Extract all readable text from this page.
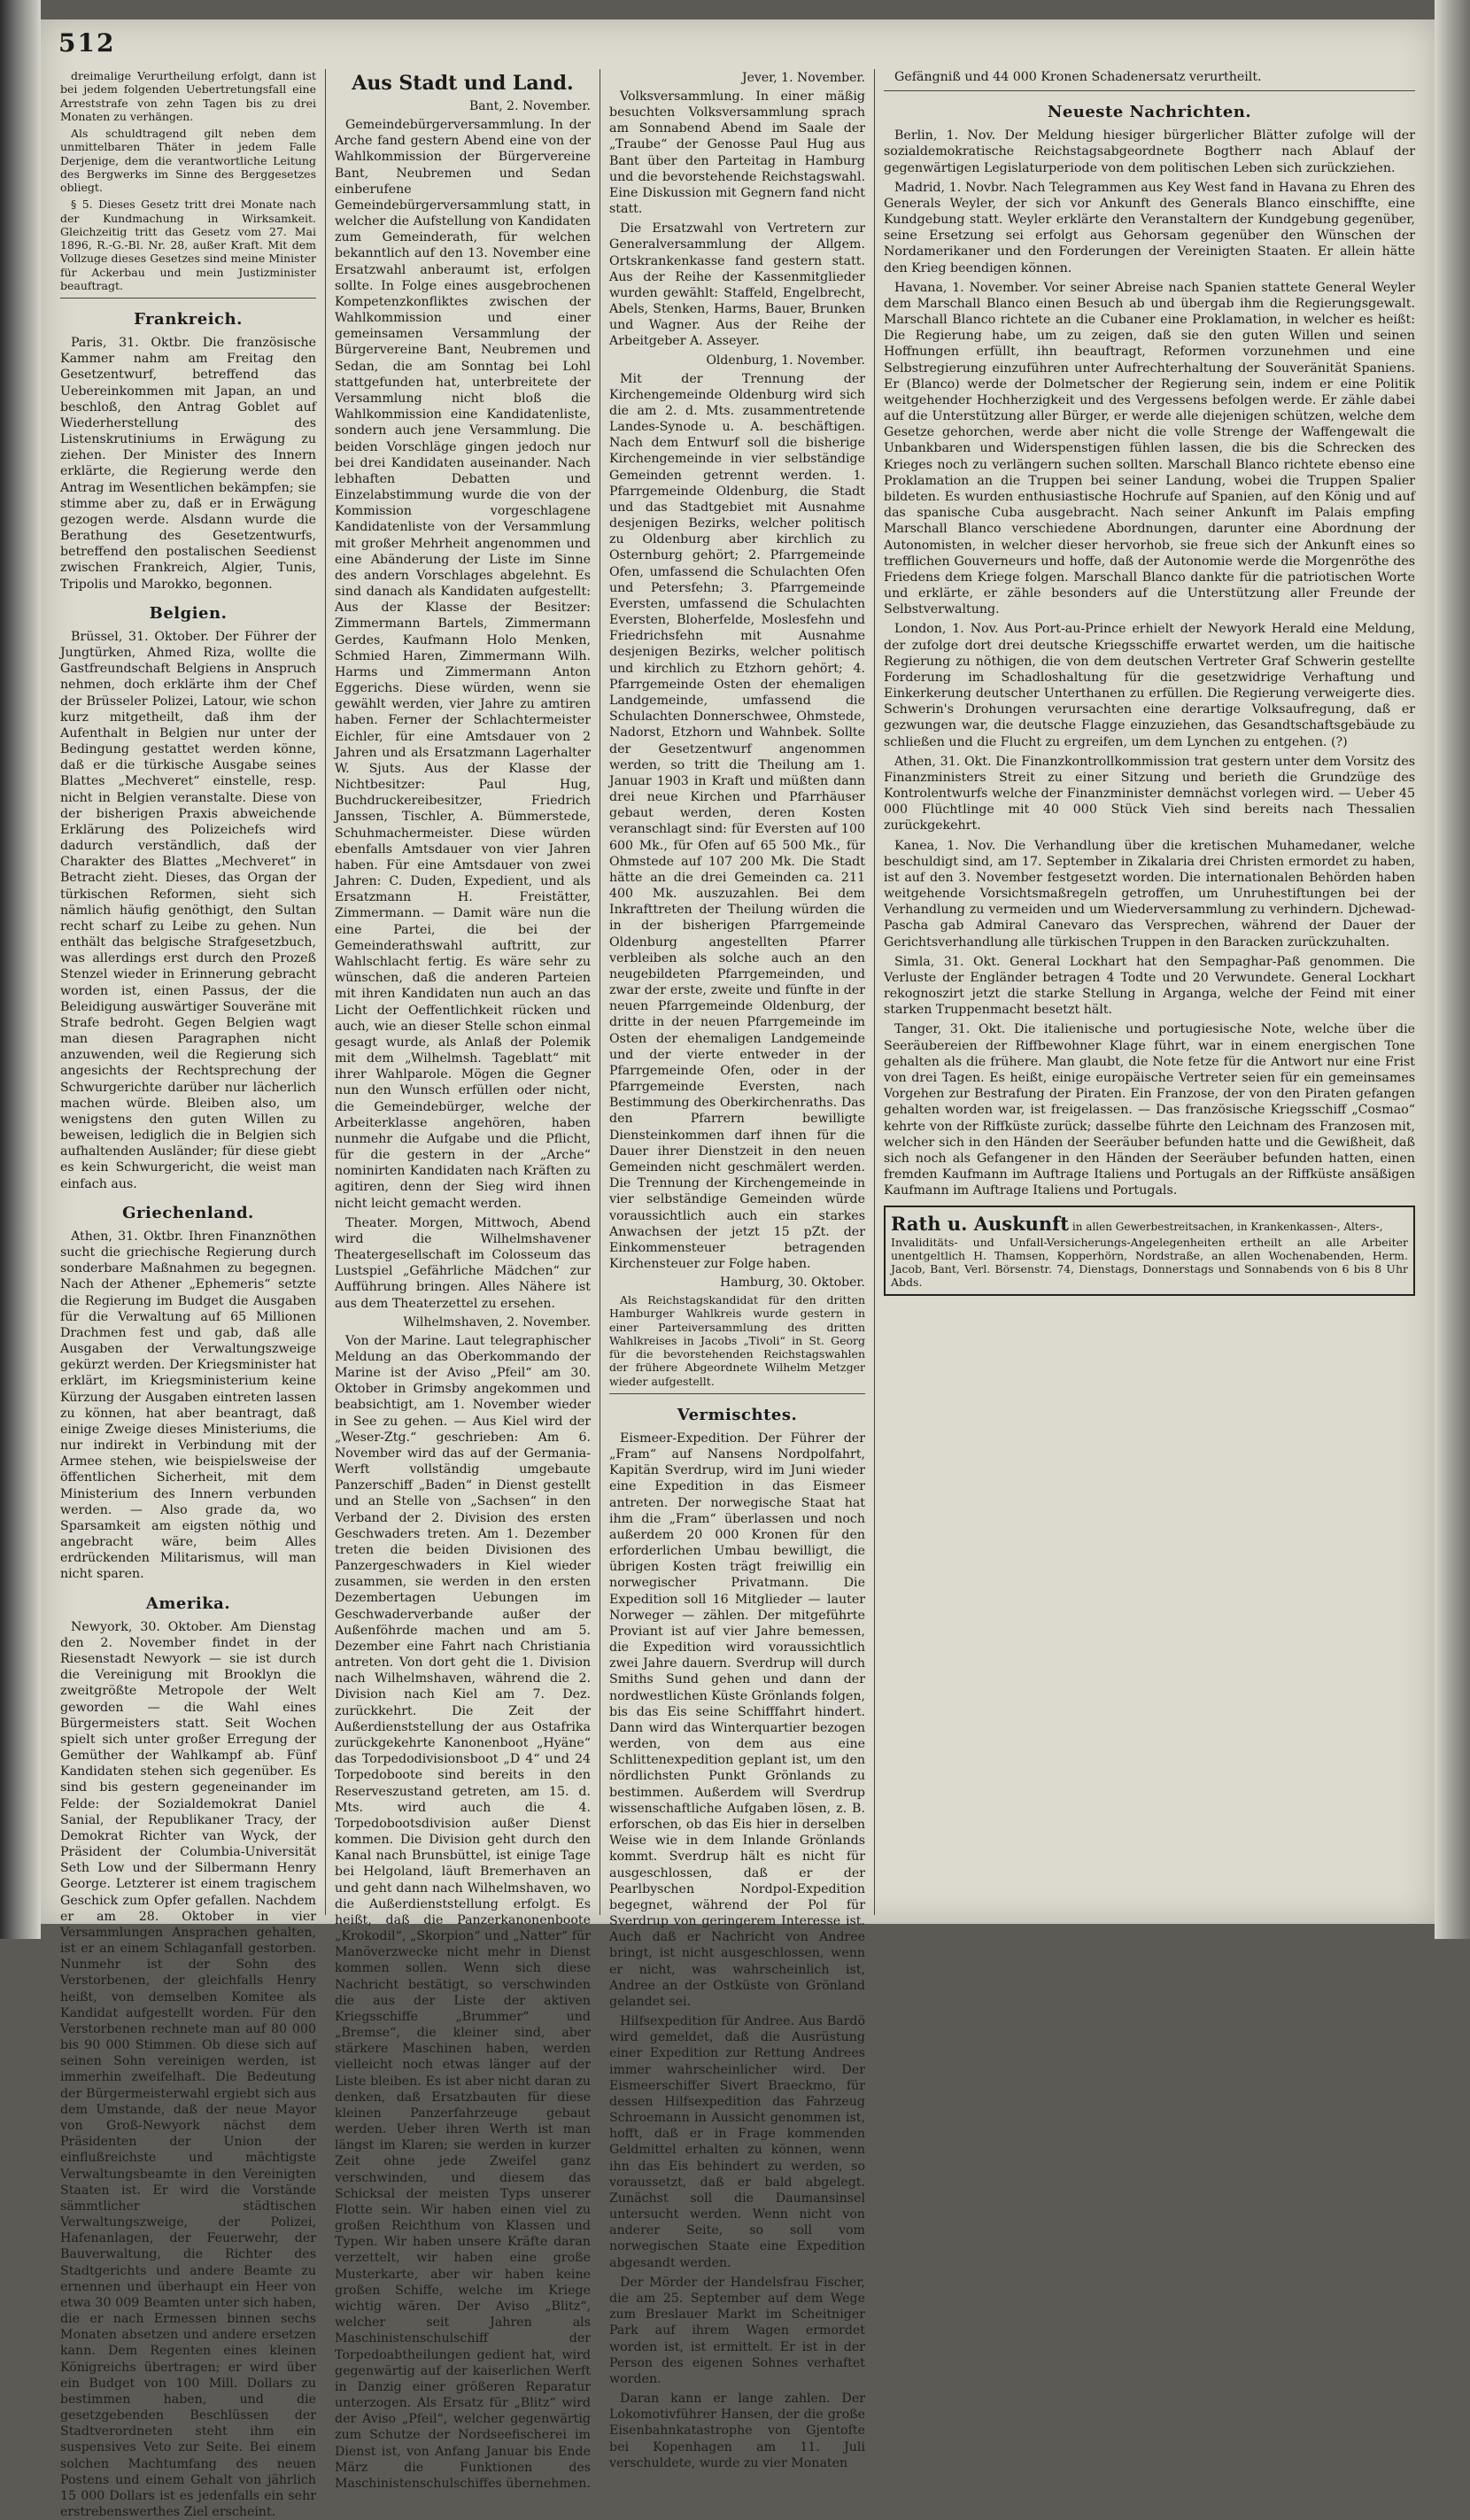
512

dreimalige Verurtheilung erfolgt, dann ist bei jedem folgenden Uebertretungsfall eine Arreststrafe von zehn Tagen bis zu drei Monaten zu verhängen.

Als schuldtragend gilt neben dem unmittelbaren Thäter in jedem Falle Derjenige, dem die verantwortliche Leitung des Bergwerks im Sinne des Berggesetzes obliegt.

§ 5. Dieses Gesetz tritt drei Monate nach der Kundmachung in Wirksamkeit. Gleichzeitig tritt das Gesetz vom 27. Mai 1896, R.-G.-Bl. Nr. 28, außer Kraft. Mit dem Vollzuge dieses Gesetzes sind meine Minister für Ackerbau und mein Justizminister beauftragt.

Frankreich.

Paris, 31. Oktbr. Die französische Kammer nahm am Freitag den Gesetzentwurf, betreffend das Uebereinkommen mit Japan, an und beschloß, den Antrag Goblet auf Wiederherstellung des Listenskrutiniums in Erwägung zu ziehen. Der Minister des Innern erklärte, die Regierung werde den Antrag im Wesentlichen bekämpfen; sie stimme aber zu, daß er in Erwägung gezogen werde. Alsdann wurde die Berathung des Gesetzentwurfs, betreffend den postalischen Seedienst zwischen Frankreich, Algier, Tunis, Tripolis und Marokko, begonnen.

Belgien.

Brüssel, 31. Oktober. Der Führer der Jungtürken, Ahmed Riza, wollte die Gastfreundschaft Belgiens in Anspruch nehmen, doch erklärte ihm der Chef der Brüsseler Polizei, Latour, wie schon kurz mitgetheilt, daß ihm der Aufenthalt in Belgien nur unter der Bedingung gestattet werden könne, daß er die türkische Ausgabe seines Blattes „Mechveret“ einstelle, resp. nicht in Belgien veranstalte. Diese von der bisherigen Praxis abweichende Erklärung des Polizeichefs wird dadurch verständlich, daß der Charakter des Blattes „Mechveret“ in Betracht zieht. Dieses, das Organ der türkischen Reformen, sieht sich nämlich häufig genöthigt, den Sultan recht scharf zu Leibe zu gehen. Nun enthält das belgische Strafgesetzbuch, was allerdings erst durch den Prozeß Stenzel wieder in Erinnerung gebracht worden ist, einen Passus, der die Beleidigung auswärtiger Souveräne mit Strafe bedroht. Gegen Belgien wagt man diesen Paragraphen nicht anzuwenden, weil die Regierung sich angesichts der Rechtsprechung der Schwurgerichte darüber nur lächerlich machen würde. Bleiben also, um wenigstens den guten Willen zu beweisen, lediglich die in Belgien sich aufhaltenden Ausländer; für diese giebt es kein Schwurgericht, die weist man einfach aus.

Griechenland.

Athen, 31. Oktbr. Ihren Finanznöthen sucht die griechische Regierung durch sonderbare Maßnahmen zu begegnen. Nach der Athener „Ephemeris“ setzte die Regierung im Budget die Ausgaben für die Verwaltung auf 65 Millionen Drachmen fest und gab, daß alle Ausgaben der Verwaltungszweige gekürzt werden. Der Kriegsminister hat erklärt, im Kriegsministerium keine Kürzung der Ausgaben eintreten lassen zu können, hat aber beantragt, daß einige Zweige dieses Ministeriums, die nur indirekt in Verbindung mit der Armee stehen, wie beispielsweise der öffentlichen Sicherheit, mit dem Ministerium des Innern verbunden werden. — Also grade da, wo Sparsamkeit am eigsten nöthig und angebracht wäre, beim Alles erdrückenden Militarismus, will man nicht sparen.

Amerika.

Newyork, 30. Oktober. Am Dienstag den 2. November findet in der Riesenstadt Newyork — sie ist durch die Vereinigung mit Brooklyn die zweitgrößte Metropole der Welt geworden — die Wahl eines Bürgermeisters statt. Seit Wochen spielt sich unter großer Erregung der Gemüther der Wahlkampf ab. Fünf Kandidaten stehen sich gegenüber. Es sind bis gestern gegeneinander im Felde: der Sozialdemokrat Daniel Sanial, der Republikaner Tracy, der Demokrat Richter van Wyck, der Präsident der Columbia-Universität Seth Low und der Silbermann Henry George. Letzterer ist einem tragischem Geschick zum Opfer gefallen. Nachdem er am 28. Oktober in vier Versammlungen Ansprachen gehalten, ist er an einem Schlaganfall gestorben. Nunmehr ist der Sohn des Verstorbenen, der gleichfalls Henry heißt, von demselben Komitee als Kandidat aufgestellt worden. Für den Verstorbenen rechnete man auf 80 000 bis 90 000 Stimmen. Ob diese sich auf seinen Sohn vereinigen werden, ist immerhin zweifelhaft. Die Bedeutung der Bürgermeisterwahl ergiebt sich aus dem Umstande, daß der neue Mayor von Groß-Newyork nächst dem Präsidenten der Union der einflußreichste und mächtigste Verwaltungsbeamte in den Vereinigten Staaten ist. Er wird die Vorstände sämmtlicher städtischen Verwaltungszweige, der Polizei, Hafenanlagen, der Feuerwehr, der Bauverwaltung, die Richter des Stadtgerichts und andere Beamte zu ernennen und überhaupt ein Heer von etwa 30 009 Beamten unter sich haben, die er nach Ermessen binnen sechs Monaten absetzen und andere ersetzen kann. Dem Regenten eines kleinen Königreichs übertragen; er wird über ein Budget von 100 Mill. Dollars zu bestimmen haben, und die gesetzgebenden Beschlüssen der Stadtverordneten steht ihm ein suspensives Veto zur Seite. Bei einem solchen Machtumfang des neuen Postens und einem Gehalt von jährlich 15 000 Dollars ist es jedenfalls ein sehr erstrebenswerthes Ziel erscheint.

Aus Stadt und Land.
Bant, 2. November.

Gemeindebürgerversammlung. In der Arche fand gestern Abend eine von der Wahlkommission der Bürgervereine Bant, Neubremen und Sedan einberufene Gemeindebürgerversammlung statt, in welcher die Aufstellung von Kandidaten zum Gemeinderath, für welchen bekanntlich auf den 13. November eine Ersatzwahl anberaumt ist, erfolgen sollte. In Folge eines ausgebrochenen Kompetenzkonfliktes zwischen der Wahlkommission und einer gemeinsamen Versammlung der Bürgervereine Bant, Neubremen und Sedan, die am Sonntag bei Lohl stattgefunden hat, unterbreitete der Versammlung nicht bloß die Wahlkommission eine Kandidatenliste, sondern auch jene Versammlung. Die beiden Vorschläge gingen jedoch nur bei drei Kandidaten auseinander. Nach lebhaften Debatten und Einzelabstimmung wurde die von der Kommission vorgeschlagene Kandidatenliste von der Versammlung mit großer Mehrheit angenommen und eine Abänderung der Liste im Sinne des andern Vorschlages abgelehnt. Es sind danach als Kandidaten aufgestellt: Aus der Klasse der Besitzer: Zimmermann Bartels, Zimmermann Gerdes, Kaufmann Holo Menken, Schmied Haren, Zimmermann Wilh. Harms und Zimmermann Anton Eggerichs. Diese würden, wenn sie gewählt werden, vier Jahre zu amtiren haben. Ferner der Schlachtermeister Eichler, für eine Amtsdauer von 2 Jahren und als Ersatzmann Lagerhalter W. Sjuts. Aus der Klasse der Nichtbesitzer: Paul Hug, Buchdruckereibesitzer, Friedrich Janssen, Tischler, A. Bümmerstede, Schuhmachermeister. Diese würden ebenfalls Amtsdauer von vier Jahren haben. Für eine Amtsdauer von zwei Jahren: C. Duden, Expedient, und als Ersatzmann H. Freistätter, Zimmermann. — Damit wäre nun die eine Partei, die bei der Gemeinderathswahl auftritt, zur Wahlschlacht fertig. Es wäre sehr zu wünschen, daß die anderen Parteien mit ihren Kandidaten nun auch an das Licht der Oeffentlichkeit rücken und auch, wie an dieser Stelle schon einmal gesagt wurde, als Anlaß der Polemik mit dem „Wilhelmsh. Tageblatt“ mit ihrer Wahlparole. Mögen die Gegner nun den Wunsch erfüllen oder nicht, die Gemeindebürger, welche der Arbeiterklasse angehören, haben nunmehr die Aufgabe und die Pflicht, für die gestern in der „Arche“ nominirten Kandidaten nach Kräften zu agitiren, denn der Sieg wird ihnen nicht leicht gemacht werden.

Theater. Morgen, Mittwoch, Abend wird die Wilhelmshavener Theatergesellschaft im Colosseum das Lustspiel „Gefährliche Mädchen“ zur Aufführung bringen. Alles Nähere ist aus dem Theaterzettel zu ersehen.

Wilhelmshaven, 2. November.

Von der Marine. Laut telegraphischer Meldung an das Oberkommando der Marine ist der Aviso „Pfeil“ am 30. Oktober in Grimsby angekommen und beabsichtigt, am 1. November wieder in See zu gehen. — Aus Kiel wird der „Weser-Ztg.“ geschrieben: Am 6. November wird das auf der Germania-Werft vollständig umgebaute Panzerschiff „Baden“ in Dienst gestellt und an Stelle von „Sachsen“ in den Verband der 2. Division des ersten Geschwaders treten. Am 1. Dezember treten die beiden Divisionen des Panzergeschwaders in Kiel wieder zusammen, sie werden in den ersten Dezembertagen Uebungen im Geschwaderverbande außer der Außenföhrde machen und am 5. Dezember eine Fahrt nach Christiania antreten. Von dort geht die 1. Division nach Wilhelmshaven, während die 2. Division nach Kiel am 7. Dez. zurückkehrt. Die Zeit der Außerdienststellung der aus Ostafrika zurückgekehrte Kanonenboot „Hyäne“ das Torpedodivisionsboot „D 4“ und 24 Torpedoboote sind bereits in den Reserveszustand getreten, am 15. d. Mts. wird auch die 4. Torpedobootsdivision außer Dienst kommen. Die Division geht durch den Kanal nach Brunsbüttel, ist einige Tage bei Helgoland, läuft Bremerhaven an und geht dann nach Wilhelmshaven, wo die Außerdienststellung erfolgt. Es heißt, daß die Panzerkanonenboote „Krokodil“, „Skorpion“ und „Natter“ für Manöverzwecke nicht mehr in Dienst kommen sollen. Wenn sich diese Nachricht bestätigt, so verschwinden die aus der Liste der aktiven Kriegsschiffe „Brummer“ und „Bremse“, die kleiner sind, aber stärkere Maschinen haben, werden vielleicht noch etwas länger auf der Liste bleiben. Es ist aber nicht daran zu denken, daß Ersatzbauten für diese kleinen Panzerfahrzeuge gebaut werden. Ueber ihren Werth ist man längst im Klaren; sie werden in kurzer Zeit ohne jede Zweifel ganz verschwinden, und diesem das Schicksal der meisten Typs unserer Flotte sein. Wir haben einen viel zu großen Reichthum von Klassen und Typen. Wir haben unsere Kräfte daran verzettelt, wir haben eine große Musterkarte, aber wir haben keine großen Schiffe, welche im Kriege wichtig wären. Der Aviso „Blitz“, welcher seit Jahren als Maschinistenschulschiff der Torpedoabtheilungen gedient hat, wird gegenwärtig auf der kaiserlichen Werft in Danzig einer größeren Reparatur unterzogen. Als Ersatz für „Blitz“ wird der Aviso „Pfeil“, welcher gegenwärtig zum Schutze der Nordseefischerei im Dienst ist, von Anfang Januar bis Ende März die Funktionen des Maschinistenschulschiffes übernehmen.

Jever, 1. November.

Volksversammlung. In einer mäßig besuchten Volksversammlung sprach am Sonnabend Abend im Saale der „Traube“ der Genosse Paul Hug aus Bant über den Parteitag in Hamburg und die bevorstehende Reichstagswahl. Eine Diskussion mit Gegnern fand nicht statt.

Die Ersatzwahl von Vertretern zur Generalversammlung der Allgem. Ortskrankenkasse fand gestern statt. Aus der Reihe der Kassenmitglieder wurden gewählt: Staffeld, Engelbrecht, Abels, Stenken, Harms, Bauer, Brunken und Wagner. Aus der Reihe der Arbeitgeber A. Asseyer.

Oldenburg, 1. November.

Mit der Trennung der Kirchengemeinde Oldenburg wird sich die am 2. d. Mts. zusammentretende Landes-Synode u. A. beschäftigen. Nach dem Entwurf soll die bisherige Kirchengemeinde in vier selbständige Gemeinden getrennt werden. 1. Pfarrgemeinde Oldenburg, die Stadt und das Stadtgebiet mit Ausnahme desjenigen Bezirks, welcher politisch zu Oldenburg aber kirchlich zu Osternburg gehört; 2. Pfarrgemeinde Ofen, umfassend die Schulachten Ofen und Petersfehn; 3. Pfarrgemeinde Eversten, umfassend die Schulachten Eversten, Bloherfelde, Moslesfehn und Friedrichsfehn mit Ausnahme desjenigen Bezirks, welcher politisch und kirchlich zu Etzhorn gehört; 4. Pfarrgemeinde Osten der ehemaligen Landgemeinde, umfassend die Schulachten Donnerschwee, Ohmstede, Nadorst, Etzhorn und Wahnbek. Sollte der Gesetzentwurf angenommen werden, so tritt die Theilung am 1. Januar 1903 in Kraft und müßten dann drei neue Kirchen und Pfarrhäuser gebaut werden, deren Kosten veranschlagt sind: für Eversten auf 100 600 Mk., für Ofen auf 65 500 Mk., für Ohmstede auf 107 200 Mk. Die Stadt hätte an die drei Gemeinden ca. 211 400 Mk. auszuzahlen. Bei dem Inkrafttreten der Theilung würden die in der bisherigen Pfarrgemeinde Oldenburg angestellten Pfarrer verbleiben als solche auch an den neugebildeten Pfarrgemeinden, und zwar der erste, zweite und fünfte in der neuen Pfarrgemeinde Oldenburg, der dritte in der neuen Pfarrgemeinde im Osten der ehemaligen Landgemeinde und der vierte entweder in der Pfarrgemeinde Ofen, oder in der Pfarrgemeinde Eversten, nach Bestimmung des Oberkirchenraths. Das den Pfarrern bewilligte Diensteinkommen darf ihnen für die Dauer ihrer Dienstzeit in den neuen Gemeinden nicht geschmälert werden. Die Trennung der Kirchengemeinde in vier selbständige Gemeinden würde voraussichtlich auch ein starkes Anwachsen der jetzt 15 pZt. der Einkommensteuer betragenden Kirchensteuer zur Folge haben.

Hamburg, 30. Oktober.

Als Reichstagskandidat für den dritten Hamburger Wahlkreis wurde gestern in einer Parteiversammlung des dritten Wahlkreises in Jacobs „Tivoli“ in St. Georg für die bevorstehenden Reichstagswahlen der frühere Abgeordnete Wilhelm Metzger wieder aufgestellt.

Vermischtes.

Eismeer-Expedition. Der Führer der „Fram“ auf Nansens Nordpolfahrt, Kapitän Sverdrup, wird im Juni wieder eine Expedition in das Eismeer antreten. Der norwegische Staat hat ihm die „Fram“ überlassen und noch außerdem 20 000 Kronen für den erforderlichen Umbau bewilligt, die übrigen Kosten trägt freiwillig ein norwegischer Privatmann. Die Expedition soll 16 Mitglieder — lauter Norweger — zählen. Der mitgeführte Proviant ist auf vier Jahre bemessen, die Expedition wird voraussichtlich zwei Jahre dauern. Sverdrup will durch Smiths Sund gehen und dann der nordwestlichen Küste Grönlands folgen, bis das Eis seine Schifffahrt hindert. Dann wird das Winterquartier bezogen werden, von dem aus eine Schlittenexpedition geplant ist, um den nördlichsten Punkt Grönlands zu bestimmen. Außerdem will Sverdrup wissenschaftliche Aufgaben lösen, z. B. erforschen, ob das Eis hier in derselben Weise wie in dem Inlande Grönlands kommt. Sverdrup hält es nicht für ausgeschlossen, daß er der Pearlbyschen Nordpol-Expedition begegnet, während der Pol für Sverdrup von geringerem Interesse ist. Auch daß er Nachricht von Andree bringt, ist nicht ausgeschlossen, wenn er nicht, was wahrscheinlich ist, Andree an der Ostküste von Grönland gelandet sei.

Hilfsexpedition für Andree. Aus Bardö wird gemeldet, daß die Ausrüstung einer Expedition zur Rettung Andrees immer wahrscheinlicher wird. Der Eismeerschiffer Sivert Braeckmo, für dessen Hilfsexpedition das Fahrzeug Schroemann in Aussicht genommen ist, hofft, daß er in Frage kommenden Geldmittel erhalten zu können, wenn ihn das Eis behindert zu werden, so voraussetzt, daß er bald abgelegt. Zunächst soll die Daumansinsel untersucht werden. Wenn nicht von anderer Seite, so soll vom norwegischen Staate eine Expedition abgesandt werden.

Der Mörder der Handelsfrau Fischer, die am 25. September auf dem Wege zum Breslauer Markt im Scheitniger Park auf ihrem Wagen ermordet worden ist, ist ermittelt. Er ist in der Person des eigenen Sohnes verhaftet worden.

Daran kann er lange zahlen. Der Lokomotivführer Hansen, der die große Eisenbahnkatastrophe von Gjentofte bei Kopenhagen am 11. Juli verschuldete, wurde zu vier Monaten

Gefängniß und 44 000 Kronen Schadenersatz verurtheilt.

Neueste Nachrichten.

Berlin, 1. Nov. Der Meldung hiesiger bürgerlicher Blätter zufolge will der sozialdemokratische Reichstagsabgeordnete Bogtherr nach Ablauf der gegenwärtigen Legislaturperiode von dem politischen Leben sich zurückziehen.

Madrid, 1. Novbr. Nach Telegrammen aus Key West fand in Havana zu Ehren des Generals Weyler, der sich vor Ankunft des Generals Blanco einschiffte, eine Kundgebung statt. Weyler erklärte den Veranstaltern der Kundgebung gegenüber, seine Ersetzung sei erfolgt aus Gehorsam gegenüber den Wünschen der Nordamerikaner und den Forderungen der Vereinigten Staaten. Er allein hätte den Krieg beendigen können.

Havana, 1. November. Vor seiner Abreise nach Spanien stattete General Weyler dem Marschall Blanco einen Besuch ab und übergab ihm die Regierungsgewalt. Marschall Blanco richtete an die Cubaner eine Proklamation, in welcher es heißt: Die Regierung habe, um zu zeigen, daß sie den guten Willen und seinen Hoffnungen erfüllt, ihn beauftragt, Reformen vorzunehmen und eine Selbstregierung einzuführen unter Aufrechterhaltung der Souveränität Spaniens. Er (Blanco) werde der Dolmetscher der Regierung sein, indem er eine Politik weitgehender Hochherzigkeit und des Vergessens befolgen werde. Er zähle dabei auf die Unterstützung aller Bürger, er werde alle diejenigen schützen, welche dem Gesetze gehorchen, werde aber nicht die volle Strenge der Waffengewalt die Unbankbaren und Widerspenstigen fühlen lassen, die bis die Schrecken des Krieges noch zu verlängern suchen sollten. Marschall Blanco richtete ebenso eine Proklamation an die Truppen bei seiner Landung, wobei die Truppen Spalier bildeten. Es wurden enthusiastische Hochrufe auf Spanien, auf den König und auf das spanische Cuba ausgebracht. Nach seiner Ankunft im Palais empfing Marschall Blanco verschiedene Abordnungen, darunter eine Abordnung der Autonomisten, in welcher dieser hervorhob, sie freue sich der Ankunft eines so trefflichen Gouverneurs und hoffe, daß der Autonomie werde die Morgenröthe des Friedens dem Kriege folgen. Marschall Blanco dankte für die patriotischen Worte und erklärte, er zähle besonders auf die Unterstützung aller Freunde der Selbstverwaltung.

London, 1. Nov. Aus Port-au-Prince erhielt der Newyork Herald eine Meldung, der zufolge dort drei deutsche Kriegsschiffe erwartet werden, um die haitische Regierung zu nöthigen, die von dem deutschen Vertreter Graf Schwerin gestellte Forderung im Schadloshaltung für die gesetzwidrige Verhaftung und Einkerkerung deutscher Unterthanen zu erfüllen. Die Regierung verweigerte dies. Schwerin's Drohungen verursachten eine derartige Volksaufregung, daß er gezwungen war, die deutsche Flagge einzuziehen, das Gesandtschaftsgebäude zu schließen und die Flucht zu ergreifen, um dem Lynchen zu entgehen. (?)

Athen, 31. Okt. Die Finanzkontrollkommission trat gestern unter dem Vorsitz des Finanzministers Streit zu einer Sitzung und berieth die Grundzüge des Kontrolentwurfs welche der Finanzminister demnächst vorlegen wird. — Ueber 45 000 Flüchtlinge mit 40 000 Stück Vieh sind bereits nach Thessalien zurückgekehrt.

Kanea, 1. Nov. Die Verhandlung über die kretischen Muhamedaner, welche beschuldigt sind, am 17. September in Zikalaria drei Christen ermordet zu haben, ist auf den 3. November festgesetzt worden. Die internationalen Behörden haben weitgehende Vorsichtsmaßregeln getroffen, um Unruhestiftungen bei der Verhandlung zu vermeiden und um Wiederversammlung zu verhindern. Djchewad-Pascha gab Admiral Canevaro das Versprechen, während der Dauer der Gerichtsverhandlung alle türkischen Truppen in den Baracken zurückzuhalten.

Simla, 31. Okt. General Lockhart hat den Sempaghar-Paß genommen. Die Verluste der Engländer betragen 4 Todte und 20 Verwundete. General Lockhart rekognoszirt jetzt die starke Stellung in Arganga, welche der Feind mit einer starken Truppenmacht besetzt hält.

Tanger, 31. Okt. Die italienische und portugiesische Note, welche über die Seeräubereien der Riffbewohner Klage führt, war in einem energischen Tone gehalten als die frühere. Man glaubt, die Note fetze für die Antwort nur eine Frist von drei Tagen. Es heißt, einige europäische Vertreter seien für ein gemeinsames Vorgehen zur Bestrafung der Piraten. Ein Franzose, der von den Piraten gefangen gehalten worden war, ist freigelassen. — Das französische Kriegsschiff „Cosmao“ kehrte von der Riffküste zurück; dasselbe führte den Leichnam des Franzosen mit, welcher sich in den Händen der Seeräuber befunden hatte und die Gewißheit, daß sich noch als Gefangener in den Händen der Seeräuber befunden hatten, einen fremden Kaufmann im Auftrage Italiens und Portugals an der Riffküste ansäßigen Kaufmann im Auftrage Italiens und Portugals.

Rath u. Auskunft in allen Gewerbestreitsachen, in Krankenkassen-, Alters-,
Invaliditäts- und Unfall-Versicherungs-Angelegenheiten ertheilt an alle Arbeiter unentgeltlich H. Thamsen, Kopperhörn, Nordstraße, an allen Wochenabenden, Herm. Jacob, Bant, Verl. Börsenstr. 74, Dienstags, Donnerstags und Sonnabends von 6 bis 8 Uhr Abds.
